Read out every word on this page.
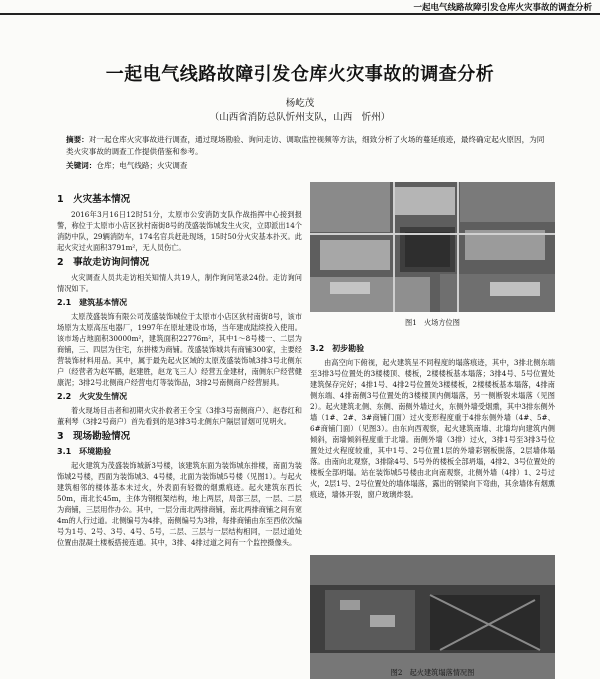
一起电气线路故障引发仓库火灾事故的调查分析
一起电气线路故障引发仓库火灾事故的调查分析
杨屹茂
（山西省消防总队忻州支队，山西　忻州）
摘要：对一起仓库火灾事故进行调查，通过现场勘验、询问走访、调取监控视频等方法，细致分析了火场的蔓延痕迹，最终确定起火原因，为同类火灾事故的调查工作提供借鉴和参考。
关键词：仓库；电气线路；火灾调查
1　火灾基本情况

2016年3月16日12时51分，太原市公安消防支队作战指挥中心接到报警，称位于太原市小店区狄村南街8号的茂盛装饰城发生火灾，立即派出14个消防中队，29辆消防车，174名官兵赶赴现场，15时50分火灾基本扑灭。此起火灾过火面积3791m²，无人员伤亡。

2　事故走访询问情况

火灾调查人员共走访相关知情人共19人，制作询问笔录24份。走访询问情况如下。

2.1　建筑基本情况

太原茂盛装饰有限公司茂盛装饰城位于太原市小店区狄村南街8号，该市场原为太原高压电器厂，1997年在原址建设市场，当年建成陆续投入使用。该市场占地面积30000m²，建筑面积22776m²，其中1～8号楼一、二层为商铺，三、四层为住宅，东拼楼为商铺。茂盛装饰城共有商铺300家，主要经营装饰材料用品。其中，属于最先起火区域的太原茂盛装饰城3排3号北侧东户（经营者为赵军鹏，赵建胜，赵龙飞三人）经营五金建材，南侧东户经营健康泥；3排2号北侧商户经营电灯等装饰品，3排2号南侧商户经营厨具。

2.2　火灾发生情况

着火现场目击者和初期火灾扑救者王令宝（3排3号南侧商户）、赵春红和董利琴（3排2号商户）首先看到的是3排3号北侧东户隔层冒烟可见明火。

3　现场勘验情况
3.1　环境勘验

起火建筑为茂盛装饰城新3号楼，该建筑东面为装饰城东排楼，南面为装饰城2号楼，西面为装饰城3、4号楼，北面为装饰城5号楼（见图1）。与起火建筑相邻的楼体基本未过火，外表面有轻微的烟熏痕迹。起火建筑东西长50m，南北长45m，主体为钢框架结构，地上两层，局部三层，一层、二层为商铺，三层用作办公。其中，一层分南北两排商铺，南北两排商铺之间有宽4m的人行过道。北侧编号为4排，南侧编号为3排，每排商铺由东至西依次编号为1号、2号、3号、4号、5号，二层、三层与一层结构相同，一层过道处位置由混凝土楼板搭接连通。其中，3排、4排过道之间有一个监控摄像头。

图1　火场方位图
3.2　初步勘验

由高空向下俯视，起火建筑呈不同程度的塌落痕迹，其中，3排北侧东端至3排3号位置处的3楼楼顶、楼板，2楼楼板基本塌落；3排4号、5号位置处建筑保存完好；4排1号、4排2号位置处3楼楼板，2楼楼板基本塌落，4排南侧东端、4排南侧3号位置处的3楼楼顶内侧塌落，另一侧断裂未塌落（见图2）。起火建筑北侧、东侧、南侧外墙过火，东侧外墙受烟熏，其中3排东侧外墙（1#、2#、3#商铺门面）过火变形程度重于4排东侧外墙（4#、5#、6#商铺门面）（见图3）。由东向西观察，起火建筑南墙、北墙均向建筑内侧倾斜，南墙倾斜程度重于北墙。南侧外墙（3排）过火，3排1号至3排3号位置处过火程度较重，其中1号、2号位置1层的外墙彩钢板脱落，2层墙体塌落。由南向北观察，3排除4号、5号外的楼板全部坍塌，4排2、3号位置处的楼板全部坍塌。站在装饰城5号楼由北向南观察，北侧外墙（4排）1、2号过火，2层1号、2号位置处的墙体塌落，露出的钢梁向下弯曲，其余墙体有烟熏痕迹，墙体开裂，窗户玻璃炸裂。

图2　起火建筑塌落情况图
